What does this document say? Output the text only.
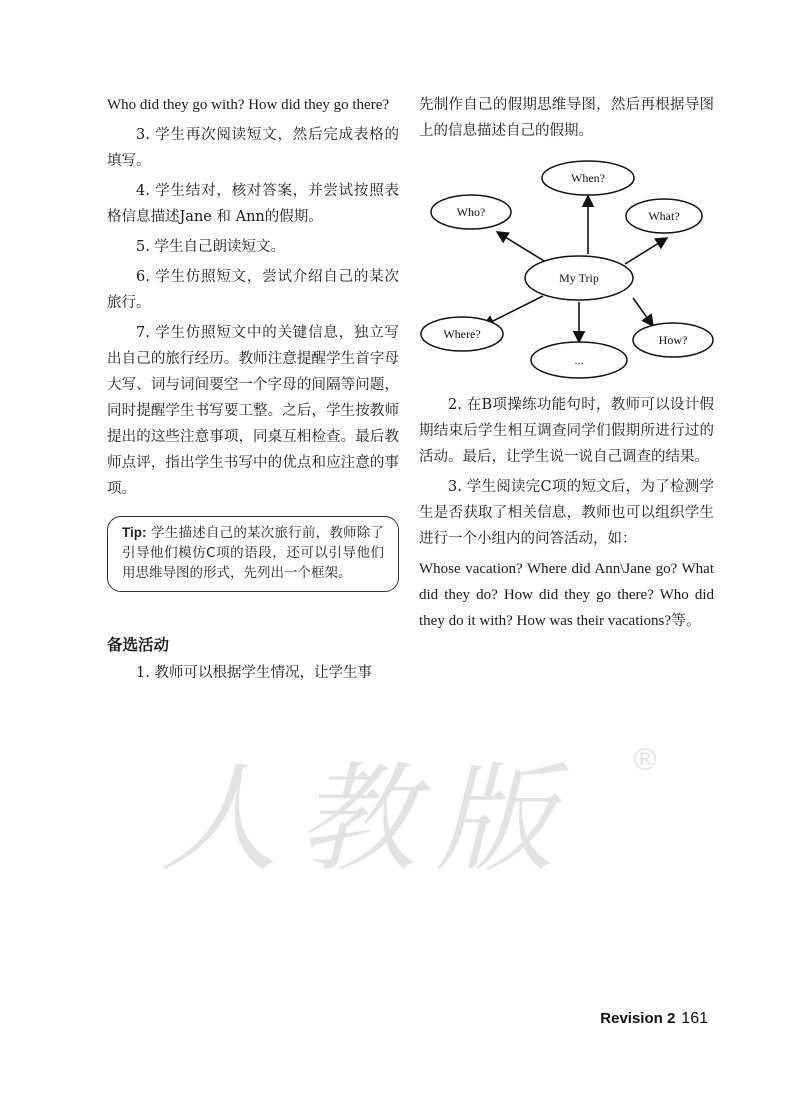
Who did they go with? How did they go there?

3. 学生再次阅读短文，然后完成表格的填写。

4. 学生结对，核对答案，并尝试按照表格信息描述Jane 和 Ann的假期。

5. 学生自己朗读短文。

6. 学生仿照短文，尝试介绍自己的某次旅行。

7. 学生仿照短文中的关键信息，独立写出自己的旅行经历。教师注意提醒学生首字母大写、词与词间要空一个字母的间隔等问题，同时提醒学生书写要工整。之后，学生按教师提出的这些注意事项，同桌互相检查。最后教师点评，指出学生书写中的优点和应注意的事项。

Tip: 学生描述自己的某次旅行前，教师除了引导他们模仿C项的语段，还可以引导他们用思维导图的形式，先列出一个框架。
备选活动

1. 教师可以根据学生情况，让学生事

先制作自己的假期思维导图，然后再根据导图上的信息描述自己的假期。

When?
Who?	What?
My Trip
Where?	How?
...

2. 在B项操练功能句时，教师可以设计假期结束后学生相互调查同学们假期所进行过的活动。最后，让学生说一说自己调查的结果。

3. 学生阅读完C项的短文后，为了检测学生是否获取了相关信息，教师也可以组织学生进行一个小组内的问答活动，如：

Whose vacation? Where did Ann\Jane go? What did they do? How did they go there? Who did they do it with? How was their vacations?等。

人教版 ®
Revision 2 161
